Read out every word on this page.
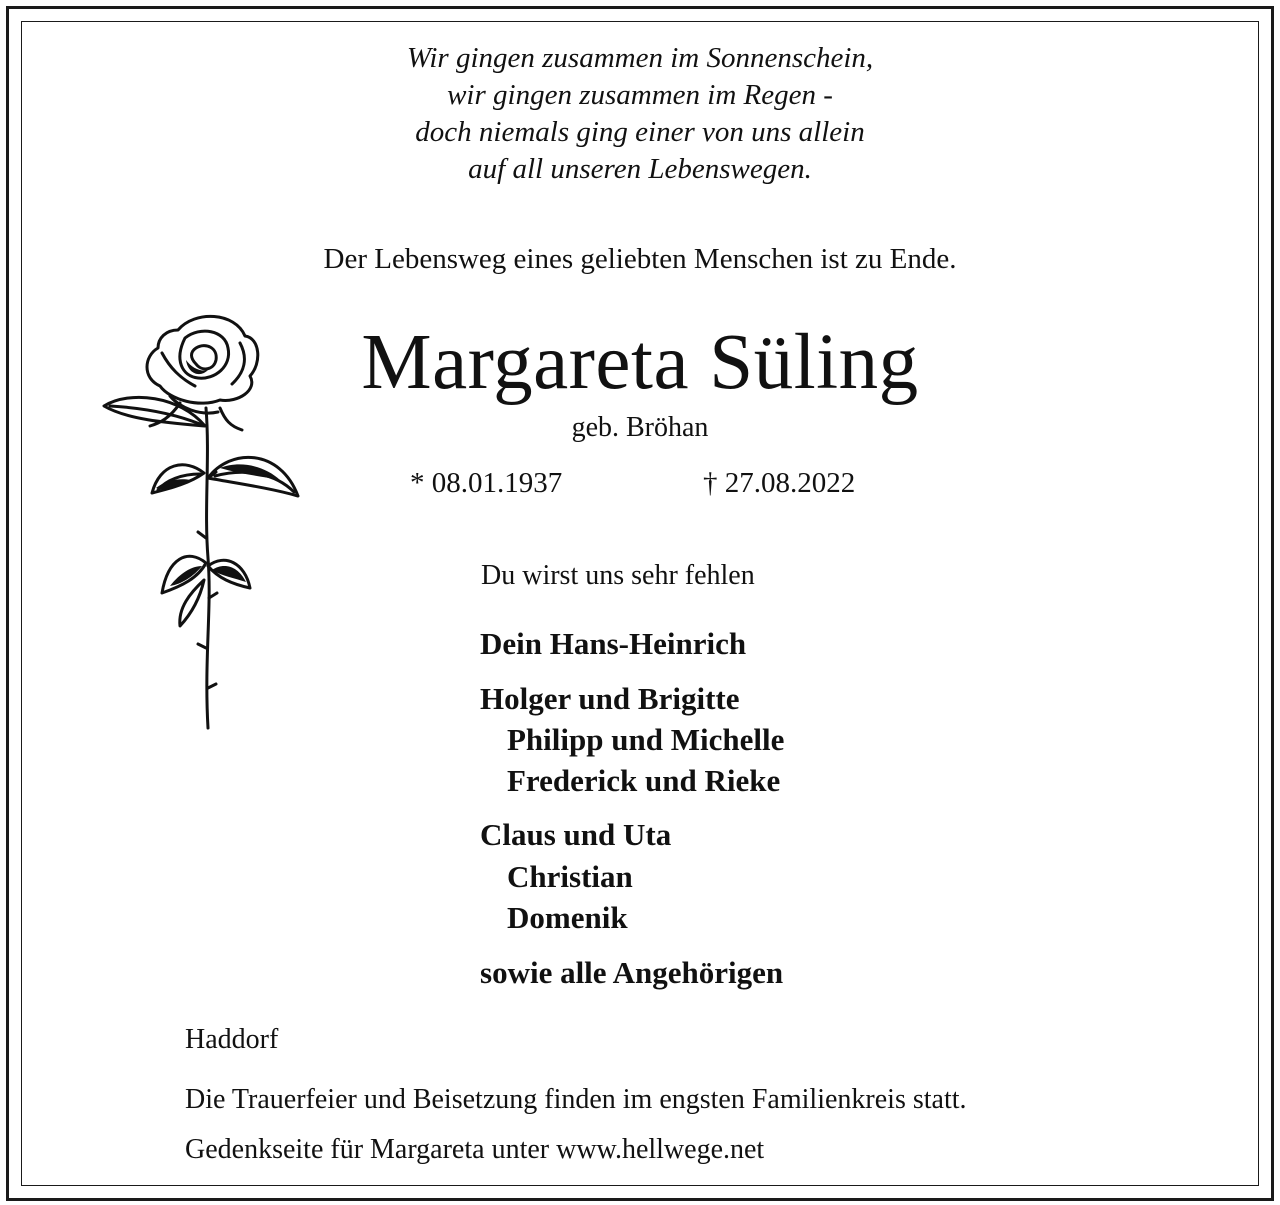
Wir gingen zusammen im Sonnenschein,
wir gingen zusammen im Regen -
doch niemals ging einer von uns allein
auf all unseren Lebenswegen.
Der Lebensweg eines geliebten Menschen ist zu Ende.
Margareta Süling
geb. Bröhan
* 08.01.1937	† 27.08.2022
Du wirst uns sehr fehlen
Dein Hans-Heinrich
Holger und Brigitte
Philipp und Michelle
Frederick und Rieke
Claus und Uta
Christian
Domenik
sowie alle Angehörigen
Haddorf
Die Trauerfeier und Beisetzung finden im engsten Familienkreis statt.
Gedenkseite für Margareta unter www.hellwege.net
